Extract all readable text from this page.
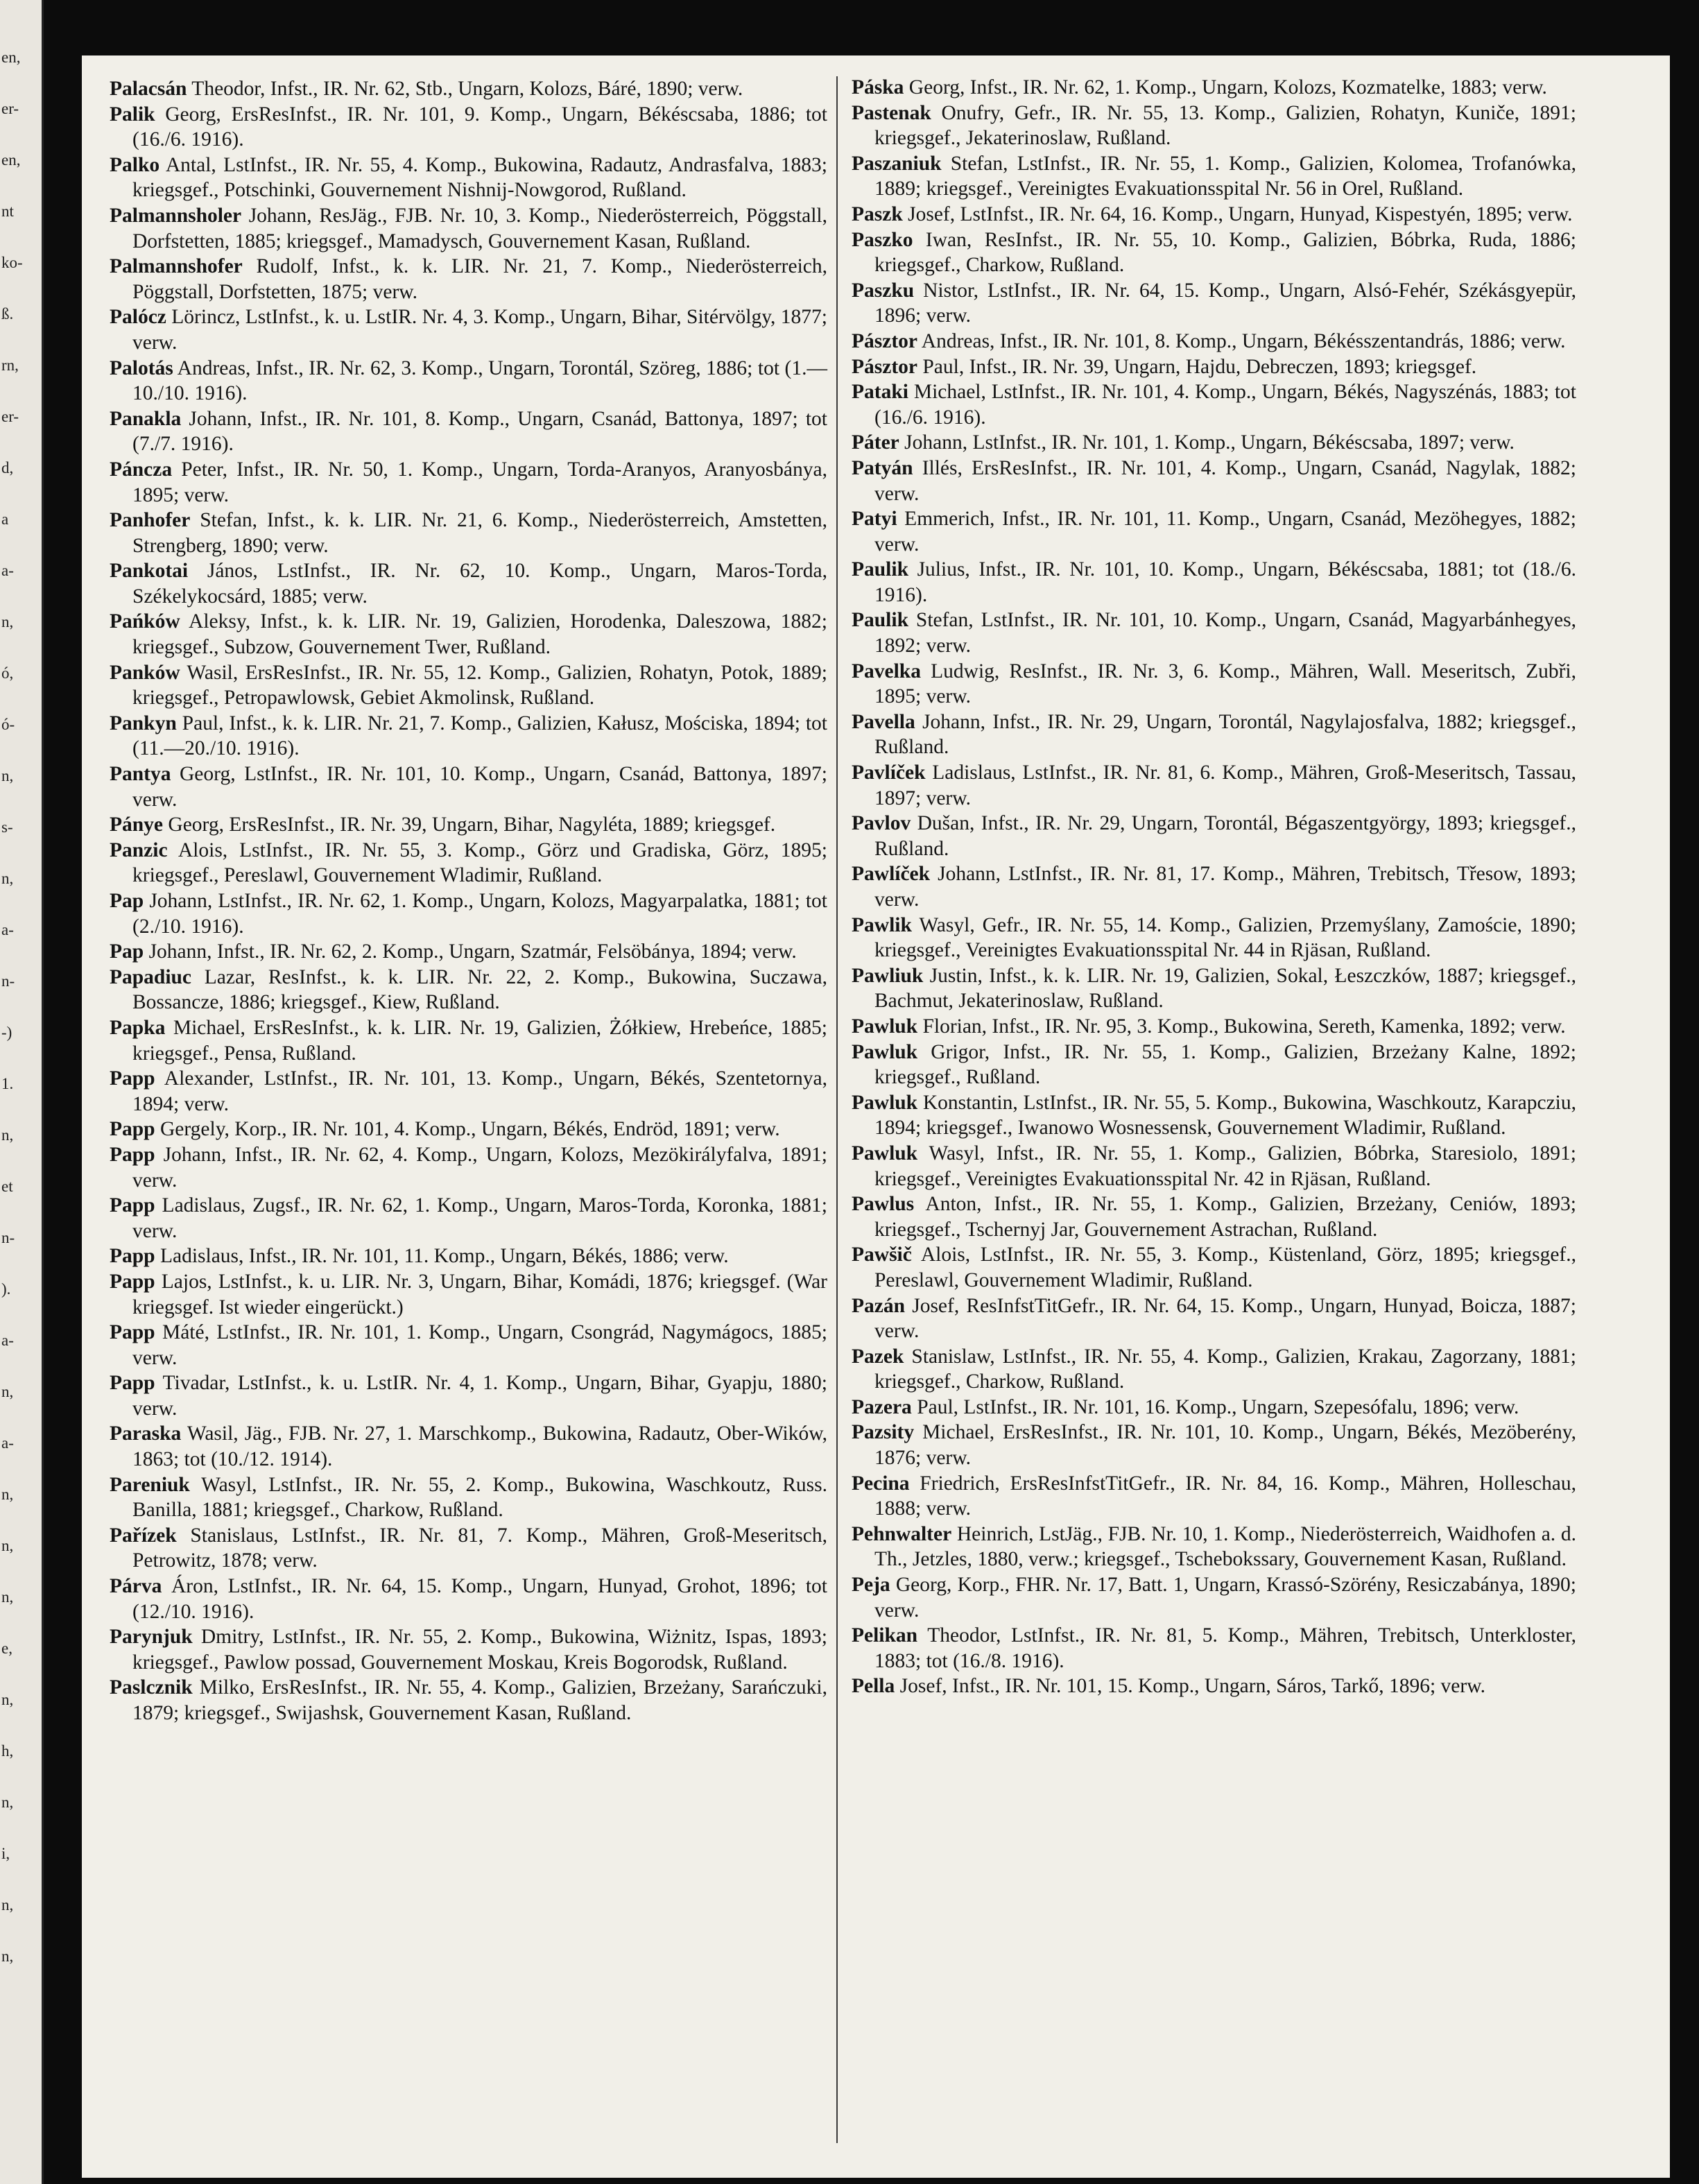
en,
er-
en,
nt
ko-
ß.
rn,
er-
d,
a
a-
n,
ó,
ó-
n,
s-
n,
a-
n-
-)
1.
n,
et
n-
).
a-
n,
a-
n,
n,
n,
e,
n,
h,
n,
i,
n,
n,
Palacsán Theodor, Infst., IR. Nr. 62, Stb., Ungarn, Kolozs, Báré, 1890; verw.
Palik Georg, ErsResInfst., IR. Nr. 101, 9. Komp., Ungarn, Békéscsaba, 1886; tot (16./6. 1916).
Palko Antal, LstInfst., IR. Nr. 55, 4. Komp., Bukowina, Radautz, Andrasfalva, 1883; kriegsgef., Potschinki, Gouvernement Nishnij-Nowgorod, Rußland.
Palmannsholer Johann, ResJäg., FJB. Nr. 10, 3. Komp., Niederösterreich, Pöggstall, Dorfstetten, 1885; kriegsgef., Mamadysch, Gouvernement Kasan, Rußland.
Palmannshofer Rudolf, Infst., k. k. LIR. Nr. 21, 7. Komp., Niederösterreich, Pöggstall, Dorfstetten, 1875; verw.
Palócz Lörincz, LstInfst., k. u. LstIR. Nr. 4, 3. Komp., Ungarn, Bihar, Sitérvölgy, 1877; verw.
Palotás Andreas, Infst., IR. Nr. 62, 3. Komp., Ungarn, Torontál, Szöreg, 1886; tot (1.—10./10. 1916).
Panakla Johann, Infst., IR. Nr. 101, 8. Komp., Ungarn, Csanád, Battonya, 1897; tot (7./7. 1916).
Páncza Peter, Infst., IR. Nr. 50, 1. Komp., Ungarn, Torda-Aranyos, Aranyosbánya, 1895; verw.
Panhofer Stefan, Infst., k. k. LIR. Nr. 21, 6. Komp., Niederösterreich, Amstetten, Strengberg, 1890; verw.
Pankotai János, LstInfst., IR. Nr. 62, 10. Komp., Ungarn, Maros-Torda, Székelykocsárd, 1885; verw.
Pańków Aleksy, Infst., k. k. LIR. Nr. 19, Galizien, Horodenka, Daleszowa, 1882; kriegsgef., Subzow, Gouvernement Twer, Rußland.
Panków Wasil, ErsResInfst., IR. Nr. 55, 12. Komp., Galizien, Rohatyn, Potok, 1889; kriegsgef., Petropawlowsk, Gebiet Akmolinsk, Rußland.
Pankyn Paul, Infst., k. k. LIR. Nr. 21, 7. Komp., Galizien, Kałusz, Mościska, 1894; tot (11.—20./10. 1916).
Pantya Georg, LstInfst., IR. Nr. 101, 10. Komp., Ungarn, Csanád, Battonya, 1897; verw.
Pánye Georg, ErsResInfst., IR. Nr. 39, Ungarn, Bihar, Nagyléta, 1889; kriegsgef.
Panzic Alois, LstInfst., IR. Nr. 55, 3. Komp., Görz und Gradiska, Görz, 1895; kriegsgef., Pereslawl, Gouvernement Wladimir, Rußland.
Pap Johann, LstInfst., IR. Nr. 62, 1. Komp., Ungarn, Kolozs, Magyarpalatka, 1881; tot (2./10. 1916).
Pap Johann, Infst., IR. Nr. 62, 2. Komp., Ungarn, Szatmár, Felsöbánya, 1894; verw.
Papadiuc Lazar, ResInfst., k. k. LIR. Nr. 22, 2. Komp., Bukowina, Suczawa, Bossancze, 1886; kriegsgef., Kiew, Rußland.
Papka Michael, ErsResInfst., k. k. LIR. Nr. 19, Galizien, Żółkiew, Hrebeńce, 1885; kriegsgef., Pensa, Rußland.
Papp Alexander, LstInfst., IR. Nr. 101, 13. Komp., Ungarn, Békés, Szentetornya, 1894; verw.
Papp Gergely, Korp., IR. Nr. 101, 4. Komp., Ungarn, Békés, Endröd, 1891; verw.
Papp Johann, Infst., IR. Nr. 62, 4. Komp., Ungarn, Kolozs, Mezökirályfalva, 1891; verw.
Papp Ladislaus, Zugsf., IR. Nr. 62, 1. Komp., Ungarn, Maros-Torda, Koronka, 1881; verw.
Papp Ladislaus, Infst., IR. Nr. 101, 11. Komp., Ungarn, Békés, 1886; verw.
Papp Lajos, LstInfst., k. u. LIR. Nr. 3, Ungarn, Bihar, Komádi, 1876; kriegsgef. (War kriegsgef. Ist wieder eingerückt.)
Papp Máté, LstInfst., IR. Nr. 101, 1. Komp., Ungarn, Csongrád, Nagymágocs, 1885; verw.
Papp Tivadar, LstInfst., k. u. LstIR. Nr. 4, 1. Komp., Ungarn, Bihar, Gyapju, 1880; verw.
Paraska Wasil, Jäg., FJB. Nr. 27, 1. Marschkomp., Bukowina, Radautz, Ober-Wików, 1863; tot (10./12. 1914).
Pareniuk Wasyl, LstInfst., IR. Nr. 55, 2. Komp., Bukowina, Waschkoutz, Russ. Banilla, 1881; kriegsgef., Charkow, Rußland.
Pařízek Stanislaus, LstInfst., IR. Nr. 81, 7. Komp., Mähren, Groß-Meseritsch, Petrowitz, 1878; verw.
Párva Áron, LstInfst., IR. Nr. 64, 15. Komp., Ungarn, Hunyad, Grohot, 1896; tot (12./10. 1916).
Parynjuk Dmitry, LstInfst., IR. Nr. 55, 2. Komp., Bukowina, Wiżnitz, Ispas, 1893; kriegsgef., Pawlow possad, Gouvernement Moskau, Kreis Bogorodsk, Rußland.
Paslcznik Milko, ErsResInfst., IR. Nr. 55, 4. Komp., Galizien, Brzeżany, Sarańczuki, 1879; kriegsgef., Swijashsk, Gouvernement Kasan, Rußland.
Páska Georg, Infst., IR. Nr. 62, 1. Komp., Ungarn, Kolozs, Kozmatelke, 1883; verw.
Pastenak Onufry, Gefr., IR. Nr. 55, 13. Komp., Galizien, Rohatyn, Kuniče, 1891; kriegsgef., Jekaterinoslaw, Rußland.
Paszaniuk Stefan, LstInfst., IR. Nr. 55, 1. Komp., Galizien, Kolomea, Trofanówka, 1889; kriegsgef., Vereinigtes Evakuationsspital Nr. 56 in Orel, Rußland.
Paszk Josef, LstInfst., IR. Nr. 64, 16. Komp., Ungarn, Hunyad, Kispestyén, 1895; verw.
Paszko Iwan, ResInfst., IR. Nr. 55, 10. Komp., Galizien, Bóbrka, Ruda, 1886; kriegsgef., Charkow, Rußland.
Paszku Nistor, LstInfst., IR. Nr. 64, 15. Komp., Ungarn, Alsó-Fehér, Székásgyepür, 1896; verw.
Pásztor Andreas, Infst., IR. Nr. 101, 8. Komp., Ungarn, Békésszentandrás, 1886; verw.
Pásztor Paul, Infst., IR. Nr. 39, Ungarn, Hajdu, Debreczen, 1893; kriegsgef.
Pataki Michael, LstInfst., IR. Nr. 101, 4. Komp., Ungarn, Békés, Nagyszénás, 1883; tot (16./6. 1916).
Páter Johann, LstInfst., IR. Nr. 101, 1. Komp., Ungarn, Békéscsaba, 1897; verw.
Patyán Illés, ErsResInfst., IR. Nr. 101, 4. Komp., Ungarn, Csanád, Nagylak, 1882; verw.
Patyi Emmerich, Infst., IR. Nr. 101, 11. Komp., Ungarn, Csanád, Mezöhegyes, 1882; verw.
Paulik Julius, Infst., IR. Nr. 101, 10. Komp., Ungarn, Békéscsaba, 1881; tot (18./6. 1916).
Paulik Stefan, LstInfst., IR. Nr. 101, 10. Komp., Ungarn, Csanád, Magyarbánhegyes, 1892; verw.
Pavelka Ludwig, ResInfst., IR. Nr. 3, 6. Komp., Mähren, Wall. Meseritsch, Zubři, 1895; verw.
Pavella Johann, Infst., IR. Nr. 29, Ungarn, Torontál, Nagylajosfalva, 1882; kriegsgef., Rußland.
Pavlíček Ladislaus, LstInfst., IR. Nr. 81, 6. Komp., Mähren, Groß-Meseritsch, Tassau, 1897; verw.
Pavlov Dušan, Infst., IR. Nr. 29, Ungarn, Torontál, Bégaszentgyörgy, 1893; kriegsgef., Rußland.
Pawlíček Johann, LstInfst., IR. Nr. 81, 17. Komp., Mähren, Trebitsch, Třesow, 1893; verw.
Pawlik Wasyl, Gefr., IR. Nr. 55, 14. Komp., Galizien, Przemyślany, Zamoście, 1890; kriegsgef., Vereinigtes Evakuationsspital Nr. 44 in Rjäsan, Rußland.
Pawliuk Justin, Infst., k. k. LIR. Nr. 19, Galizien, Sokal, Łeszczków, 1887; kriegsgef., Bachmut, Jekaterinoslaw, Rußland.
Pawluk Florian, Infst., IR. Nr. 95, 3. Komp., Bukowina, Sereth, Kamenka, 1892; verw.
Pawluk Grigor, Infst., IR. Nr. 55, 1. Komp., Galizien, Brzeżany Kalne, 1892; kriegsgef., Rußland.
Pawluk Konstantin, LstInfst., IR. Nr. 55, 5. Komp., Bukowina, Waschkoutz, Karapcziu, 1894; kriegsgef., Iwanowo Wosnessensk, Gouvernement Wladimir, Rußland.
Pawluk Wasyl, Infst., IR. Nr. 55, 1. Komp., Galizien, Bóbrka, Staresiolo, 1891; kriegsgef., Vereinigtes Evakuationsspital Nr. 42 in Rjäsan, Rußland.
Pawlus Anton, Infst., IR. Nr. 55, 1. Komp., Galizien, Brzeżany, Ceniów, 1893; kriegsgef., Tschernyj Jar, Gouvernement Astrachan, Rußland.
Pawšič Alois, LstInfst., IR. Nr. 55, 3. Komp., Küstenland, Görz, 1895; kriegsgef., Pereslawl, Gouvernement Wladimir, Rußland.
Pazán Josef, ResInfstTitGefr., IR. Nr. 64, 15. Komp., Ungarn, Hunyad, Boicza, 1887; verw.
Pazek Stanislaw, LstInfst., IR. Nr. 55, 4. Komp., Galizien, Krakau, Zagorzany, 1881; kriegsgef., Charkow, Rußland.
Pazera Paul, LstInfst., IR. Nr. 101, 16. Komp., Ungarn, Szepesófalu, 1896; verw.
Pazsity Michael, ErsResInfst., IR. Nr. 101, 10. Komp., Ungarn, Békés, Mezöberény, 1876; verw.
Pecina Friedrich, ErsResInfstTitGefr., IR. Nr. 84, 16. Komp., Mähren, Holleschau, 1888; verw.
Pehnwalter Heinrich, LstJäg., FJB. Nr. 10, 1. Komp., Niederösterreich, Waidhofen a. d. Th., Jetzles, 1880, verw.; kriegsgef., Tschebokssary, Gouvernement Kasan, Rußland.
Peja Georg, Korp., FHR. Nr. 17, Batt. 1, Ungarn, Krassó-Szörény, Resiczabánya, 1890; verw.
Pelikan Theodor, LstInfst., IR. Nr. 81, 5. Komp., Mähren, Trebitsch, Unterkloster, 1883; tot (16./8. 1916).
Pella Josef, Infst., IR. Nr. 101, 15. Komp., Ungarn, Sáros, Tarkő, 1896; verw.
